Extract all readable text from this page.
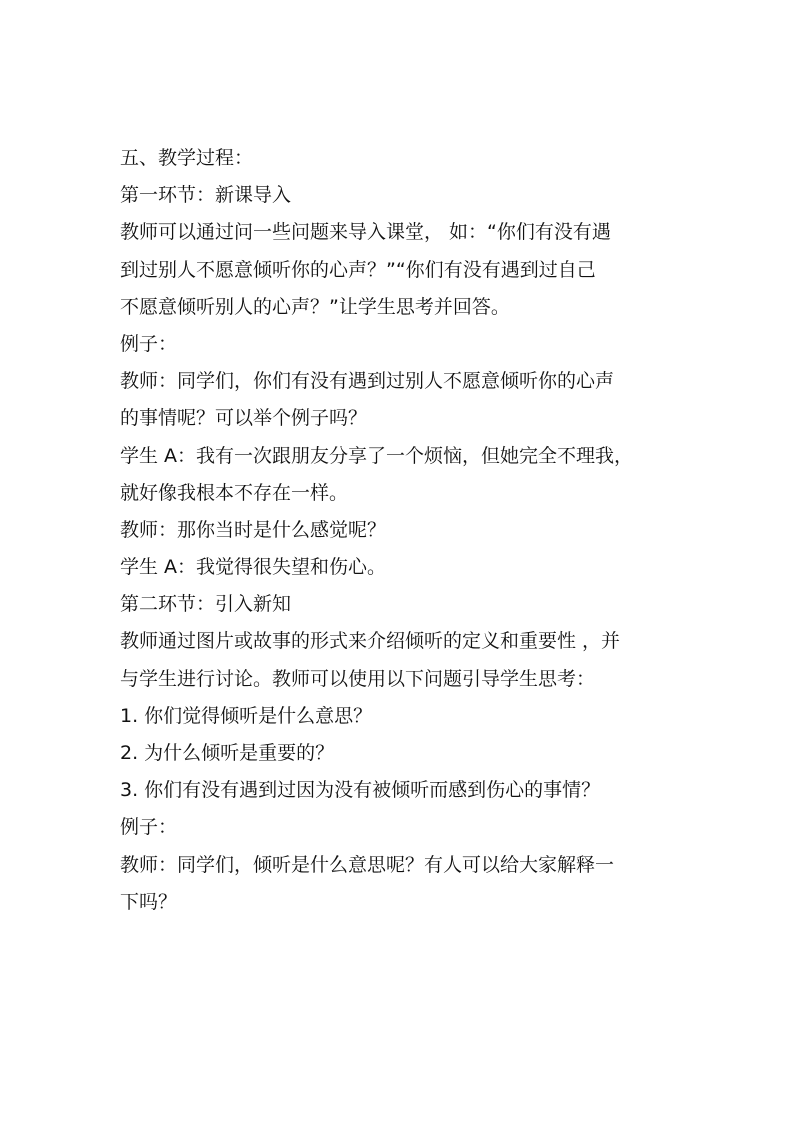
五、教学过程：
第一环节：新课导入
教师可以通过问一些问题来导入课堂， 如：“你们有没有遇
到过别人不愿意倾听你的心声？”“你们有没有遇到过自己
不愿意倾听别人的心声？”让学生思考并回答。
例子：
教师：同学们，你们有没有遇到过别人不愿意倾听你的心声
的事情呢？可以举个例子吗？
学生 A：我有一次跟朋友分享了一个烦恼，但她完全不理我，
就好像我根本不存在一样。
教师：那你当时是什么感觉呢？
学生 A：我觉得很失望和伤心。
第二环节：引入新知
教师通过图片或故事的形式来介绍倾听的定义和重要性 ，并
与学生进行讨论。教师可以使用以下问题引导学生思考：
1. 你们觉得倾听是什么意思？
2. 为什么倾听是重要的？
3. 你们有没有遇到过因为没有被倾听而感到伤心的事情？
例子：
教师：同学们，倾听是什么意思呢？有人可以给大家解释一
下吗？
